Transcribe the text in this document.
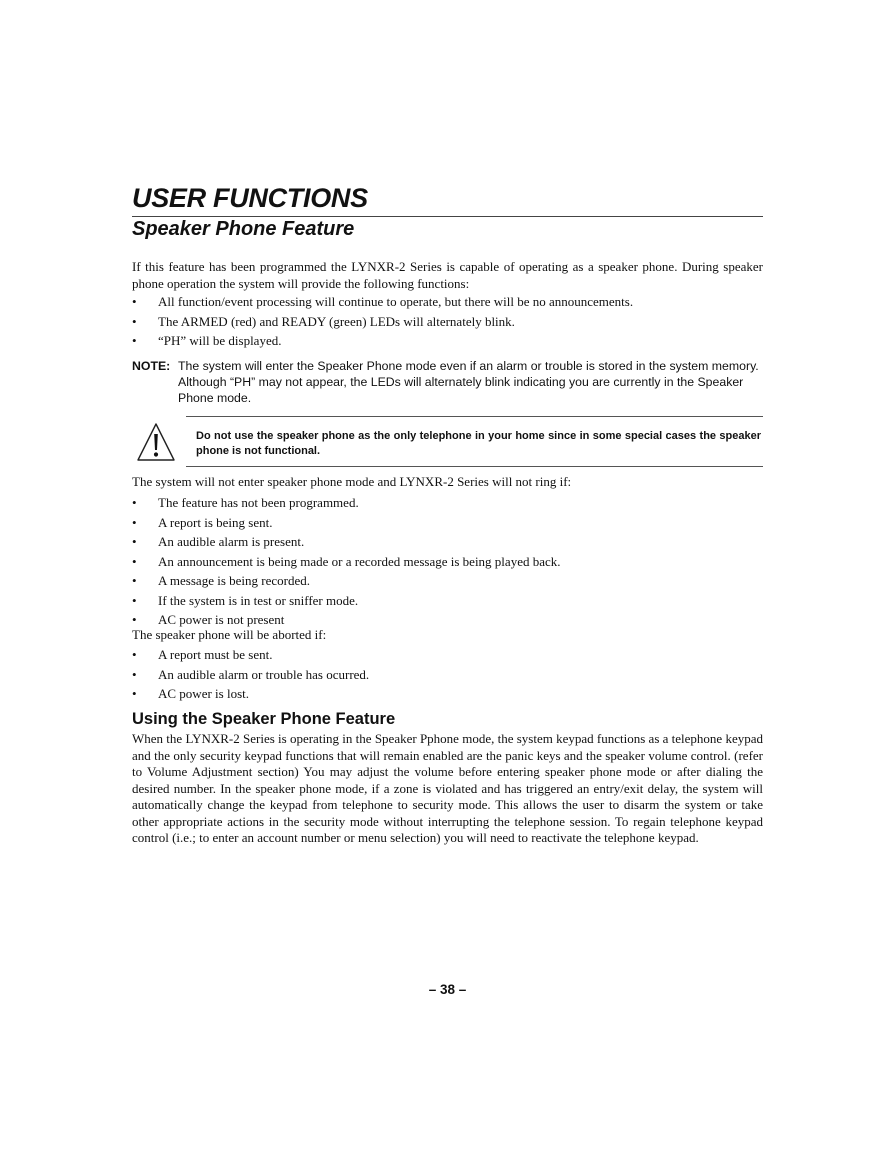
USER FUNCTIONS
Speaker Phone Feature

If this feature has been programmed the LYNXR-2 Series is capable of operating as a speaker phone. During speaker phone operation the system will provide the following functions:

• All function/event processing will continue to operate, but there will be no announcements.
• The ARMED (red) and READY (green) LEDs will alternately blink.
• “PH” will be displayed.
NOTE: The system will enter the Speaker Phone mode even if an alarm or trouble is stored in the system memory. Although “PH” may not appear, the LEDs will alternately blink indicating you are currently in the Speaker Phone mode.
Do not use the speaker phone as the only telephone in your home since in some special cases the speaker phone is not functional.

The system will not enter speaker phone mode and LYNXR-2 Series will not ring if:

• The feature has not been programmed.
• A report is being sent.
• An audible alarm is present.
• An announcement is being made or a recorded message is being played back.
• A message is being recorded.
• If the system is in test or sniffer mode.
• AC power is not present

The speaker phone will be aborted if:

• A report must be sent.
• An audible alarm or trouble has ocurred.
• AC power is lost.
Using the Speaker Phone Feature

When the LYNXR-2 Series is operating in the Speaker Pphone mode, the system keypad functions as a telephone keypad and the only security keypad functions that will remain enabled are the panic keys and the speaker volume control. (refer to Volume Adjustment section) You may adjust the volume before entering speaker phone mode or after dialing the desired number. In the speaker phone mode, if a zone is violated and has triggered an entry/exit delay, the system will automatically change the keypad from telephone to security mode. This allows the user to disarm the system or take other appropriate actions in the security mode without interrupting the telephone session. To regain telephone keypad control (i.e.; to enter an account number or menu selection) you will need to reactivate the telephone keypad.

– 38 –
